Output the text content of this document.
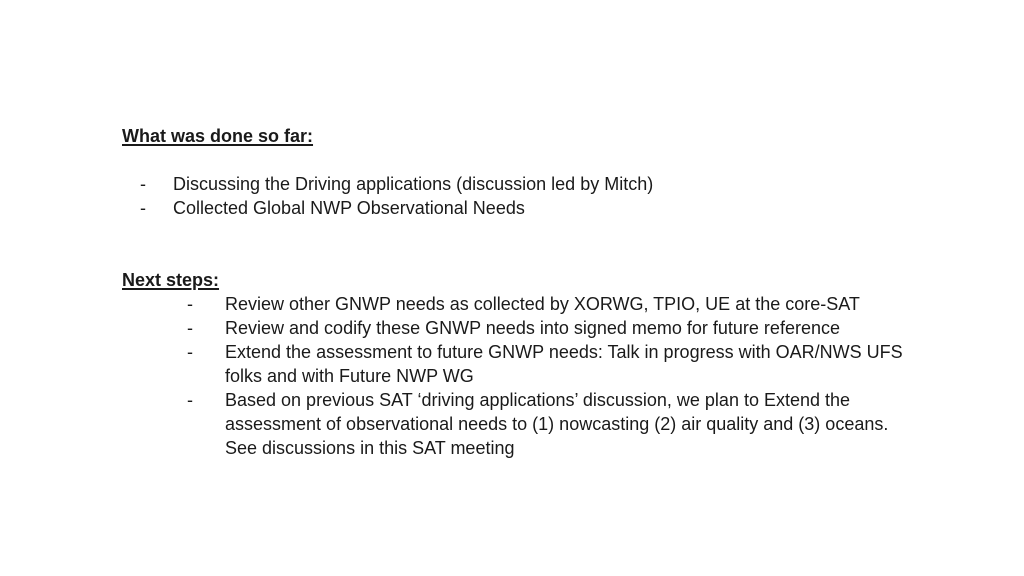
What was done so far:
- Discussing the Driving applications (discussion led by Mitch)
- Collected Global NWP Observational Needs
Next steps:
- Review other GNWP needs as collected by XORWG, TPIO, UE at the core-SAT
- Review and codify these GNWP needs into signed memo for future reference
- Extend the assessment to future GNWP needs: Talk in progress with OAR/NWS UFS folks and with Future NWP WG
- Based on previous SAT ‘driving applications’ discussion, we plan to Extend the assessment of observational needs to (1) nowcasting (2) air quality and (3) oceans. See discussions in this SAT meeting
